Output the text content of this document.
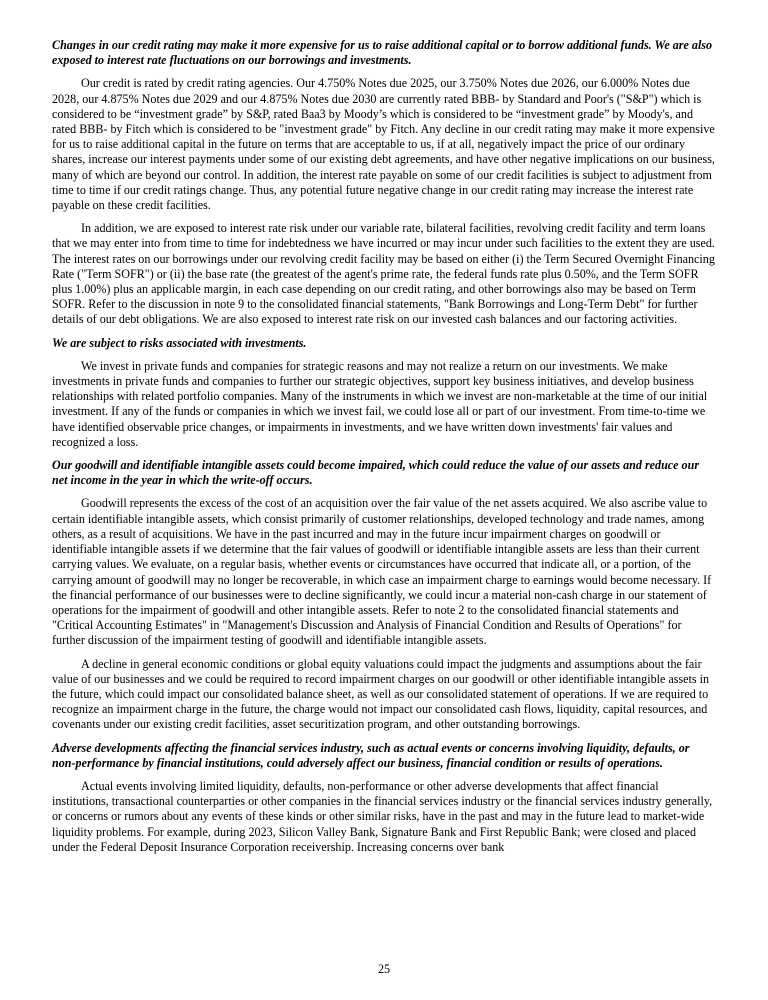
Changes in our credit rating may make it more expensive for us to raise additional capital or to borrow additional funds. We are also exposed to interest rate fluctuations on our borrowings and investments.

Our credit is rated by credit rating agencies. Our 4.750% Notes due 2025, our 3.750% Notes due 2026, our 6.000% Notes due 2028, our 4.875% Notes due 2029 and our 4.875% Notes due 2030 are currently rated BBB- by Standard and Poor's ("S&P") which is considered to be “investment grade” by S&P, rated Baa3 by Moody’s which is considered to be “investment grade” by Moody's, and rated BBB- by Fitch which is considered to be "investment grade" by Fitch. Any decline in our credit rating may make it more expensive for us to raise additional capital in the future on terms that are acceptable to us, if at all, negatively impact the price of our ordinary shares, increase our interest payments under some of our existing debt agreements, and have other negative implications on our business, many of which are beyond our control. In addition, the interest rate payable on some of our credit facilities is subject to adjustment from time to time if our credit ratings change. Thus, any potential future negative change in our credit rating may increase the interest rate payable on these credit facilities.

In addition, we are exposed to interest rate risk under our variable rate, bilateral facilities, revolving credit facility and term loans that we may enter into from time to time for indebtedness we have incurred or may incur under such facilities to the extent they are used. The interest rates on our borrowings under our revolving credit facility may be based on either (i) the Term Secured Overnight Financing Rate ("Term SOFR") or (ii) the base rate (the greatest of the agent's prime rate, the federal funds rate plus 0.50%, and the Term SOFR plus 1.00%) plus an applicable margin, in each case depending on our credit rating, and other borrowings also may be based on Term SOFR. Refer to the discussion in note 9 to the consolidated financial statements, "Bank Borrowings and Long-Term Debt" for further details of our debt obligations. We are also exposed to interest rate risk on our invested cash balances and our factoring activities.

We are subject to risks associated with investments.

We invest in private funds and companies for strategic reasons and may not realize a return on our investments. We make investments in private funds and companies to further our strategic objectives, support key business initiatives, and develop business relationships with related portfolio companies. Many of the instruments in which we invest are non-marketable at the time of our initial investment. If any of the funds or companies in which we invest fail, we could lose all or part of our investment. From time-to-time we have identified observable price changes, or impairments in investments, and we have written down investments' fair values and recognized a loss.

Our goodwill and identifiable intangible assets could become impaired, which could reduce the value of our assets and reduce our net income in the year in which the write-off occurs.

Goodwill represents the excess of the cost of an acquisition over the fair value of the net assets acquired. We also ascribe value to certain identifiable intangible assets, which consist primarily of customer relationships, developed technology and trade names, among others, as a result of acquisitions. We have in the past incurred and may in the future incur impairment charges on goodwill or identifiable intangible assets if we determine that the fair values of goodwill or identifiable intangible assets are less than their current carrying values. We evaluate, on a regular basis, whether events or circumstances have occurred that indicate all, or a portion, of the carrying amount of goodwill may no longer be recoverable, in which case an impairment charge to earnings would become necessary. If the financial performance of our businesses were to decline significantly, we could incur a material non-cash charge in our statement of operations for the impairment of goodwill and other intangible assets. Refer to note 2 to the consolidated financial statements and "Critical Accounting Estimates" in "Management's Discussion and Analysis of Financial Condition and Results of Operations" for further discussion of the impairment testing of goodwill and identifiable intangible assets.

A decline in general economic conditions or global equity valuations could impact the judgments and assumptions about the fair value of our businesses and we could be required to record impairment charges on our goodwill or other identifiable intangible assets in the future, which could impact our consolidated balance sheet, as well as our consolidated statement of operations. If we are required to recognize an impairment charge in the future, the charge would not impact our consolidated cash flows, liquidity, capital resources, and covenants under our existing credit facilities, asset securitization program, and other outstanding borrowings.

Adverse developments affecting the financial services industry, such as actual events or concerns involving liquidity, defaults, or non-performance by financial institutions, could adversely affect our business, financial condition or results of operations.

Actual events involving limited liquidity, defaults, non-performance or other adverse developments that affect financial institutions, transactional counterparties or other companies in the financial services industry or the financial services industry generally, or concerns or rumors about any events of these kinds or other similar risks, have in the past and may in the future lead to market-wide liquidity problems. For example, during 2023, Silicon Valley Bank, Signature Bank and First Republic Bank; were closed and placed under the Federal Deposit Insurance Corporation receivership. Increasing concerns over bank

25
